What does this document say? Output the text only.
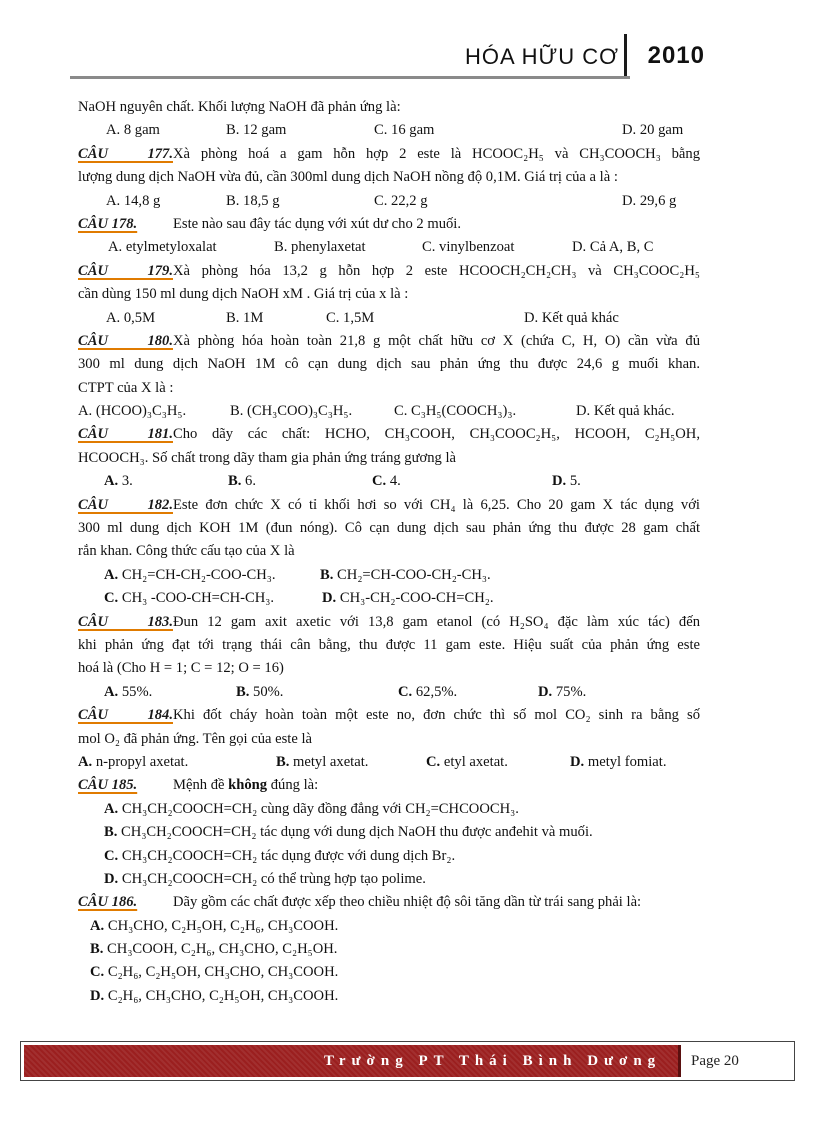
HÓA HỮU CƠ 2010
NaOH nguyên chất. Khối lượng NaOH đã phản ứng là:
A. 8 gam	B. 12 gam	C. 16 gam	D. 20 gam
CÂU 177.Xà phòng hoá a gam hỗn hợp 2 este là HCOOC₂H₅ và CH₃COOCH₃ bằng
lượng dung dịch NaOH vừa đủ, cần 300ml dung dịch NaOH nồng độ 0,1M. Giá trị của a là :
A. 14,8 g	B. 18,5 g	C. 22,2 g	D. 29,6 g
CÂU 178. Este nào sau đây tác dụng với xút dư cho 2 muối.
A. etylmetyloxalat	B. phenylaxetat	C. vinylbenzoat	D. Cả A, B, C
CÂU 179.Xà phòng hóa 13,2 g hỗn hợp 2 este HCOOCH₂CH₂CH₃ và CH₃COOC₂H₅
cần dùng 150 ml dung dịch NaOH xM . Giá trị của x là :
A. 0,5M	B. 1M	C. 1,5M	D. Kết quả khác
CÂU 180.Xà phòng hóa hoàn toàn 21,8 g một chất hữu cơ X (chứa C, H, O) cần vừa đủ
300 ml dung dịch NaOH 1M cô cạn dung dịch sau phản ứng thu được 24,6 g muối khan.
CTPT của X là :
A. (HCOO)₃C₃H₅.	B. (CH₃COO)₃C₃H₅.	C. C₃H₅(COOCH₃)₃.	D. Kết quả khác.
CÂU 181.Cho dãy các chất: HCHO, CH₃COOH, CH₃COOC₂H₅, HCOOH, C₂H₅OH,
HCOOCH₃. Số chất trong dãy tham gia phản ứng tráng gương là
A. 3.	B. 6.	C. 4.	D. 5.
CÂU 182.Este đơn chức X có tỉ khối hơi so với CH₄ là 6,25. Cho 20 gam X tác dụng với
300 ml dung dịch KOH 1M (đun nóng). Cô cạn dung dịch sau phản ứng thu được 28 gam chất
rắn khan. Công thức cấu tạo của X là
A. CH₂=CH-CH₂-COO-CH₃.	B. CH₂=CH-COO-CH₂-CH₃.
C. CH₃ -COO-CH=CH-CH₃.	D. CH₃-CH₂-COO-CH=CH₂.
CÂU 183.Đun 12 gam axit axetic với 13,8 gam etanol (có H₂SO₄ đặc làm xúc tác) đến
khi phản ứng đạt tới trạng thái cân bằng, thu được 11 gam este. Hiệu suất của phản ứng este
hoá là (Cho H = 1; C = 12; O = 16)
A. 55%.	B. 50%.	C. 62,5%.	D. 75%.
CÂU 184.Khi đốt cháy hoàn toàn một este no, đơn chức thì số mol CO₂ sinh ra bằng số
mol O₂ đã phản ứng. Tên gọi của este là
A. n-propyl axetat.	B. metyl axetat.	C. etyl axetat.	D. metyl fomiat.
CÂU 185. Mệnh đề không đúng là:
A. CH₃CH₂COOCH=CH₂ cùng dãy đồng đẳng với CH₂=CHCOOCH₃.
B. CH₃CH₂COOCH=CH₂ tác dụng với dung dịch NaOH thu được anđehit và muối.
C. CH₃CH₂COOCH=CH₂ tác dụng được với dung dịch Br₂.
D. CH₃CH₂COOCH=CH₂ có thể trùng hợp tạo polime.
CÂU 186. Dãy gồm các chất được xếp theo chiều nhiệt độ sôi tăng dần từ trái sang phải là:
A. CH₃CHO, C₂H₅OH, C₂H₆, CH₃COOH.
B. CH₃COOH, C₂H₆, CH₃CHO, C₂H₅OH.
C. C₂H₆, C₂H₅OH, CH₃CHO, CH₃COOH.
D. C₂H₆, CH₃CHO, C₂H₅OH, CH₃COOH.
Trường PT Thái Bình Dương	Page 20
